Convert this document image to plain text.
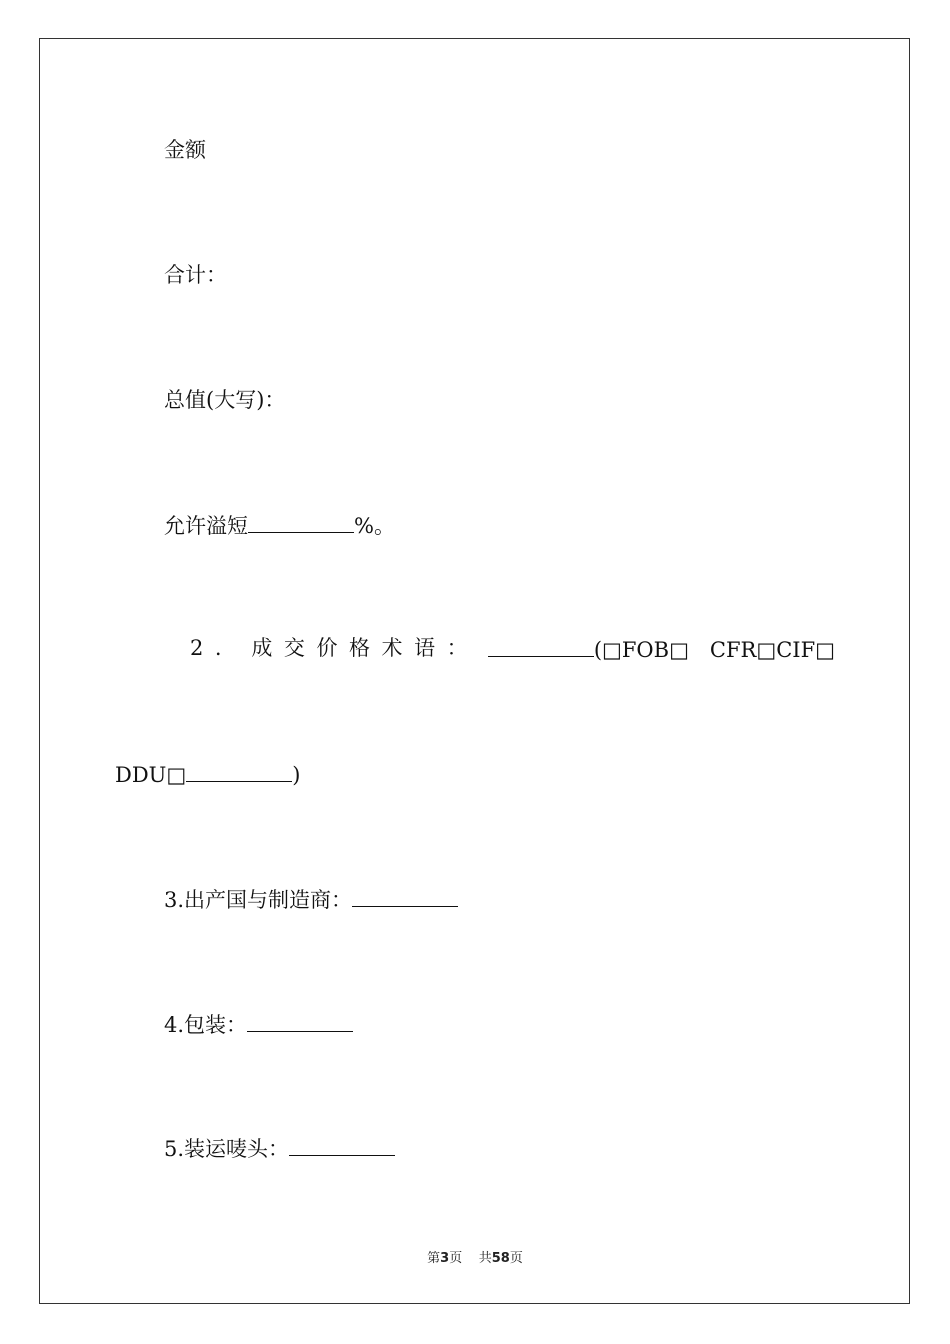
金额
合计：
总值(大写)：
允许溢短	%。
2. 成交价格术语：	(□FOB□　CFR□CIF□
DDU□	)
3.出产国与制造商：
4.包装：
5.装运唛头：
第3页 共58页
